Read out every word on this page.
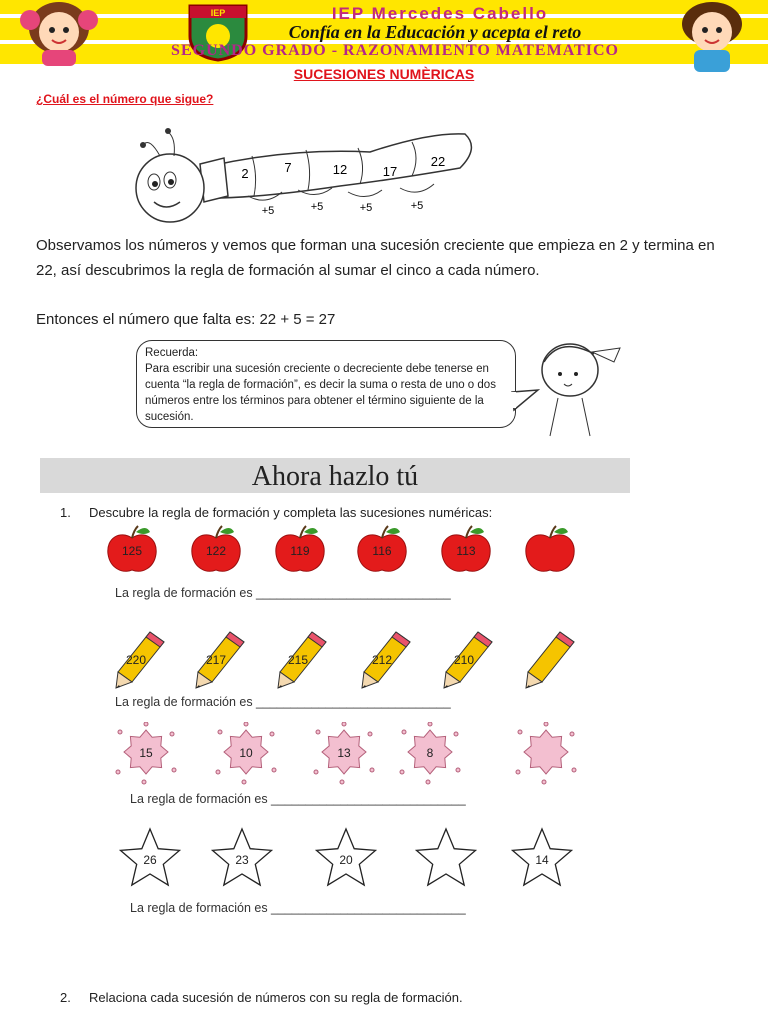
IEP	IEP Mercedes Cabello
Confía en la Educación y acepta el reto
SEGUNDO GRADO - RAZONAMIENTO MATEMATICO
SUCESIONES NUMÈRICAS
¿Cuál es el número que sigue?
2	7	12	17
22
+5	+5	+5	+5
Observamos los números y vemos que forman una sucesión creciente que empieza en 2 y termina en 22, así descubrimos la regla de formación al sumar el cinco a cada número.
Entonces el número que falta es: 22 + 5 = 27
Recuerda:
Para escribir una sucesión creciente o decreciente debe tenerse en cuenta “la regla de formación”, es decir la suma o resta de uno o dos números entre los términos para obtener el término siguiente de la sucesión.
Ahora hazlo tú
1. Descubre la regla de formación y completa las sucesiones numéricas:
125	122	119	116	113
La regla de formación es ____________________________
220	217	215	212	210
La regla de formación es ____________________________
15	10	13	8
La regla de formación es ____________________________
26	23	20	14
La regla de formación es ____________________________
2. Relaciona cada sucesión de números con su regla de formación.
